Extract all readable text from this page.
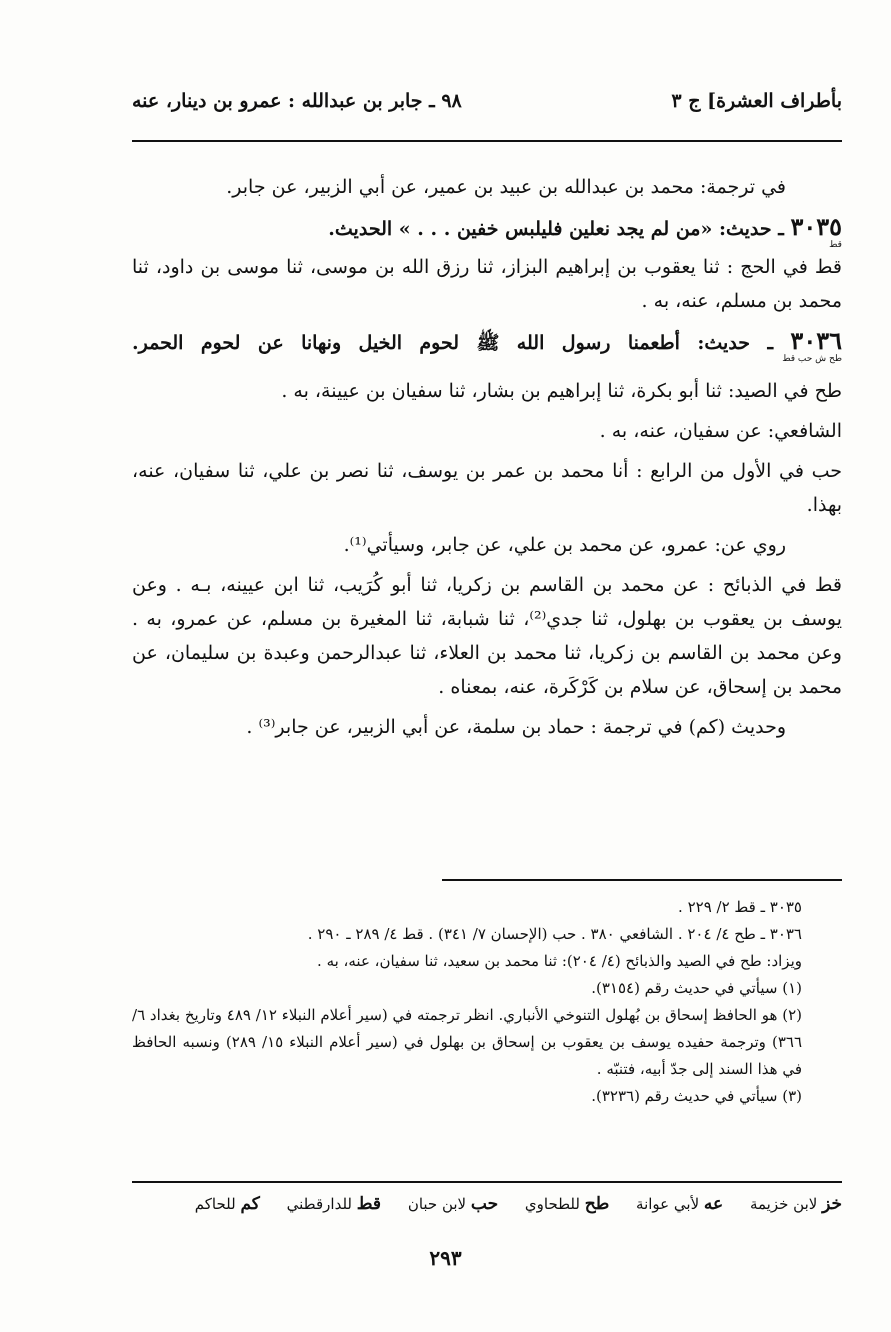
بأطراف العشرة] ج ٣
٩٨ ـ جابر بن عبدالله : عمرو بن دينار، عنه

في ترجمة: محمد بن عبدالله بن عبيد بن عمير، عن أبي الزبير، عن جابر.

٣٠٣٥ ـ حديث: «من لم يجد نعلين فليلبس خفين . . . » الحديث.

قط

قط في الحج : ثنا يعقوب بن إبراهيم البزاز، ثنا رزق الله بن موسى، ثنا موسى بن داود، ثنا محمد بن مسلم، عنه، به .

٣٠٣٦ ـ حديث: أطعمنا رسول الله ﷺ لحوم الخيل ونهانا عن لحوم الحمر.

طح ش حب قط

طح في الصيد: ثنا أبو بكرة، ثنا إبراهيم بن بشار، ثنا سفيان بن عيينة، به .

الشافعي: عن سفيان، عنه، به .

حب في الأول من الرابع : أنا محمد بن عمر بن يوسف، ثنا نصر بن علي، ثنا سفيان، عنه، بهذا.

روي عن: عمرو، عن محمد بن علي، عن جابر، وسيأتي⁽¹⁾.

قط في الذبائح : عن محمد بن القاسم بن زكريا، ثنا أبو كُرَيب، ثنا ابن عيينه، بـه . وعن يوسف بن يعقوب بن بهلول، ثنا جدي⁽²⁾، ثنا شبابة، ثنا المغيرة بن مسلم، عن عمرو، به . وعن محمد بن القاسم بن زكريا، ثنا محمد بن العلاء، ثنا عبدالرحمن وعبدة بن سليمان، عن محمد بن إسحاق، عن سلام بن كَرْكَرة، عنه، بمعناه .

وحديث (كم) في ترجمة : حماد بن سلمة، عن أبي الزبير، عن جابر⁽³⁾ .

٣٠٣٥ ـ قط ٢/ ٢٢٩ .

٣٠٣٦ ـ طح ٤/ ٢٠٤ . الشافعي ٣٨٠ . حب (الإحسان ٧/ ٣٤١) . قط ٤/ ٢٨٩ ـ ٢٩٠ .

ويزاد: طح في الصيد والذبائح (٤/ ٢٠٤): ثنا محمد بن سعيد، ثنا سفيان، عنه، به .

(١) سيأتي في حديث رقم (٣١٥٤).

(٢) هو الحافظ إسحاق بن بُهلول التنوخي الأنباري. انظر ترجمته في (سير أعلام النبلاء ١٢/ ٤٨٩ وتاريخ بغداد ٦/ ٣٦٦) وترجمة حفيده يوسف بن يعقوب بن إسحاق بن بهلول في (سير أعلام النبلاء ١٥/ ٢٨٩) ونسبه الحافظ في هذا السند إلى جدّ أبيه، فتنبّه .

(٣) سيأتي في حديث رقم (٣٢٣٦).

خز لابن خزيمة عه لأبي عوانة طح للطحاوي حب لابن حبان قط للدارقطني كم للحاكم
٢٩٣
